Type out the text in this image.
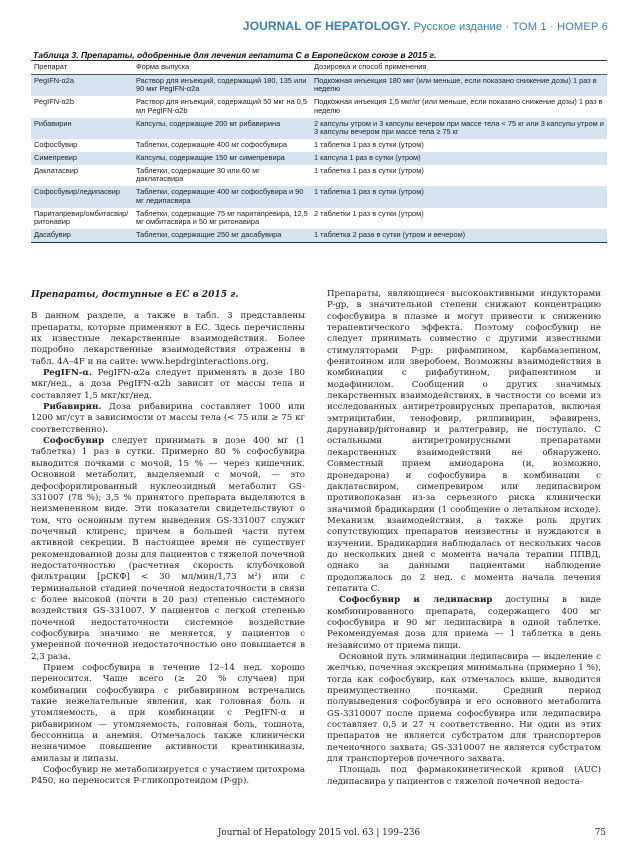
JOURNAL OF HEPATOLOGY. Русское издание · ТОМ 1 · НОМЕР 6
Таблица 3. Препараты, одобренные для лечения гепатита С в Европейском союзе в 2015 г.
Препарат	Форма выпуска	Дозировка и способ применения
PegIFN-α2a	Раствор для инъекций, содержащий 180, 135 или 90 мкг PegIFN-α2a	Подкожная инъекция 180 мкг (или меньше, если показано снижение дозы) 1 раз в неделю
PegIFN-α2b	Раствор для инъекций, содержащий 50 мкг на 0,5 мл PegIFN-α2b	Подкожная инъекция 1,5 мкг/кг (или меньше, если показано снижение дозы) 1 раз в неделю
Рибавирин	Капсулы, содержащие 200 мг рибавирина	2 капсулы утром и 3 капсулы вечером при массе тела < 75 кг или 3 капсулы утром и 3 капсулы вечером при массе тела ≥ 75 кг
Софосбувир	Таблетки, содержащие 400 мг софосбувира	1 таблетка 1 раз в сутки (утром)
Симепревир	Капсулы, содержащие 150 мг симепревира	1 капсула 1 раз в сутки (утром)
Даклатасвир	Таблетки, содержащие 30 или 60 мг даклатасвира	1 таблетка 1 раз в сутки (утром)
Софосбувир/ледипасвир	Таблетки, содержащие 400 мг софосбувира и 90 мг ледипасвира	1 таблетка 1 раз в сутки (утром)
Паритапревир/омбитасвир/ритонавир	Таблетки, содержащие 75 мг паритапревира, 12,5 мг омбитасвира и 50 мг ритонавира	2 таблетки 1 раз в сутки (утром)
Дасабувир	Таблетки, содержащие 250 мг дасабувира	1 таблетка 2 раза в сутки (утром и вечером)
Препараты, доступные в ЕС в 2015 г.

В данном разделе, а также в табл. 3 представлены препараты, которые применяют в ЕС. Здесь перечислены их известные лекарственные взаимодействия. Более подробно лекарственные взаимодействия отражены в табл. 4А–4F и на сайте: www.hepdrginteractions.org.

PegIFN-α. PegIFN-α2a следует применять в дозе 180 мкг/нед., а доза PegIFN-α2b зависит от массы тела и составляет 1,5 мкг/кг/нед.

Рибавирин. Доза рибавирина составляет 1000 или 1200 мг/сут в зависимости от массы тела (< 75 или ≥ 75 кг соответственно).

Софосбувир следует принимать в дозе 400 мг (1 таблетка) 1 раз в сутки. Примерно 80 % софосбувира выводится почками с мочой, 15 % — через кишечник. Основной метаболит, выделяемый с мочой, — это дефосфорилированный нуклеозидный метаболит GS-331007 (78 %); 3,5 % принятого препарата выделяются в неизмененном виде. Эти показатели свидетельствуют о том, что основным путем выведения GS-331007 служит почечный клиренс, причем в большей части путем активной секреции. В настоящее время не существует рекомендованной дозы для пациентов с тяжелой почечной недостаточностью (расчетная скорость клубочковой фильтрации [рСКФ] < 30 мл/мин/1,73 м²) или с терминальной стадией почечной недостаточности в связи с более высокой (почти в 20 раз) степенью системного воздействия GS-331007. У пациентов с легкой степенью почечной недостаточности системное воздействие софосбувира значимо не меняется, у пациентов с умеренной почечной недостаточностью оно повышается в 2,3 раза.

Прием софосбувира в течение 12–14 нед. хорошо переносится. Чаще всего (≥ 20 % случаев) при комбинации софосбувира с рибавирином встречались такие нежелательные явления, как головная боль и утомляемость, а при комбинации с PegIFN-α и рибавирином — утомляемость, головная боль, тошнота, бессонница и анемия. Отмечалось также клинически незначимое повышение активности креатинкиназы, амилазы и липазы.

Софосбувир не метаболизируется с участием цитохрома P450, но переносится Р-гликопротеидом (P-gp).

Препараты, являющиеся высокоактивными индукторами P-gp, в значительной степени снижают концентрацию софосбувира в плазме и могут привести к снижению терапевтического эффекта. Поэтому софосбувир не следует принимать совместно с другими известными стимуляторами P-gp: рифампином, карбамазепином, фенитоином или зверобоем. Возможны взаимодействия в комбинации с рифабутином, рифапентином и модафинилом. Сообщений о других значимых лекарственных взаимодействиях, в частности со всеми из исследованных антиретровирусных препаратов, включая эмтрицитабин, тенофовир, рилпивирин, эфавиренз, дарунавир/ритонавир и ралтегравир, не поступало. С остальными антиретровирусными препаратами лекарственных взаимодействий не обнаружено. Совместный прием амиодарона (и, возможно, дронедарона) и софосбувира в комбинации с даклатасвиром, симепревиром или ледипасвиром противопоказан из-за серьезного риска клинически значимой брадикардии (1 сообщение о летальном исходе). Механизм взаимодействия, а также роль других сопутствующих препаратов неизвестны и нуждаются в изучении. Брадикардия наблюдалась от нескольких часов до нескольких дней с момента начала терапии ППВД, однако за данными пациентами наблюдение продолжалось до 2 нед. с момента начала лечения гепатита С.

Софосбувир и ледипасвир доступны в виде комбинированного препарата, содержащего 400 мг софосбувира и 90 мг ледипасвира в одной таблетке. Рекомендуемая доза для приема — 1 таблетка в день независимо от приема пищи.

Основной путь элиминации ледипасвира — выделение с желчью, почечная экскреция минимальна (примерно 1 %), тогда как софосбувир, как отмечалось выше, выводится преимущественно почками. Средний период полувыведения софосбувира и его основного метаболита GS-3310007 после приема софосбувира или ледипасвира составляет 0,5 и 27 ч соответственно. Ни один из этих препаратов не является субстратом для транспортеров печеночного захвата; GS-3310007 не является субстратом для транспортеров почечного захвата.

Площадь под фармакокинетической кривой (AUC) ледипасвира у пациентов с тяжелой почечной недоста-

Journal of Hepatology 2015 vol. 63 | 199–236	75
